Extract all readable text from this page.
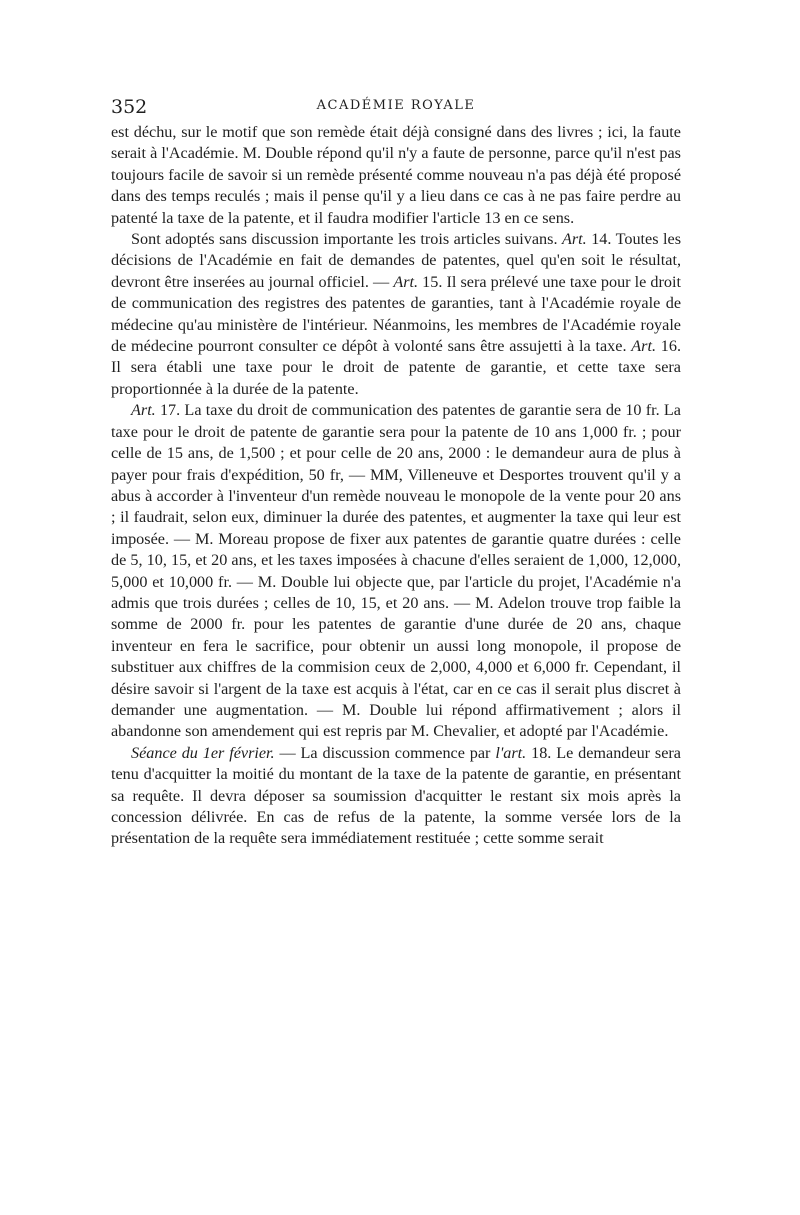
352	ACADÉMIE ROYALE

est déchu, sur le motif que son remède était déjà consigné dans des livres ; ici, la faute serait à l'Académie. M. Double répond qu'il n'y a faute de personne, parce qu'il n'est pas toujours facile de savoir si un remède présenté comme nouveau n'a pas déjà été proposé dans des temps reculés ; mais il pense qu'il y a lieu dans ce cas à ne pas faire perdre au patenté la taxe de la patente, et il faudra modifier l'article 13 en ce sens.

Sont adoptés sans discussion importante les trois articles suivans. Art. 14. Toutes les décisions de l'Académie en fait de demandes de patentes, quel qu'en soit le résultat, devront être inserées au journal officiel. — Art. 15. Il sera prélevé une taxe pour le droit de communication des registres des patentes de garanties, tant à l'Académie royale de médecine qu'au ministère de l'intérieur. Néanmoins, les membres de l'Académie royale de médecine pourront consulter ce dépôt à volonté sans être assujetti à la taxe. Art. 16. Il sera établi une taxe pour le droit de patente de garantie, et cette taxe sera proportionnée à la durée de la patente.

Art. 17. La taxe du droit de communication des patentes de garantie sera de 10 fr. La taxe pour le droit de patente de garantie sera pour la patente de 10 ans 1,000 fr. ; pour celle de 15 ans, de 1,500 ; et pour celle de 20 ans, 2000 : le demandeur aura de plus à payer pour frais d'expédition, 50 fr, — MM, Villeneuve et Desportes trouvent qu'il y a abus à accorder à l'inventeur d'un remède nouveau le monopole de la vente pour 20 ans ; il faudrait, selon eux, diminuer la durée des patentes, et augmenter la taxe qui leur est imposée. — M. Moreau propose de fixer aux patentes de garantie quatre durées : celle de 5, 10, 15, et 20 ans, et les taxes imposées à chacune d'elles seraient de 1,000, 12,000, 5,000 et 10,000 fr. — M. Double lui objecte que, par l'article du projet, l'Académie n'a admis que trois durées ; celles de 10, 15, et 20 ans. — M. Adelon trouve trop faible la somme de 2000 fr. pour les patentes de garantie d'une durée de 20 ans, chaque inventeur en fera le sacrifice, pour obtenir un aussi long monopole, il propose de substituer aux chiffres de la commision ceux de 2,000, 4,000 et 6,000 fr. Cependant, il désire savoir si l'argent de la taxe est acquis à l'état, car en ce cas il serait plus discret à demander une augmentation. — M. Double lui répond affirmativement ; alors il abandonne son amendement qui est repris par M. Chevalier, et adopté par l'Académie.

Séance du 1er février. — La discussion commence par l'art. 18. Le demandeur sera tenu d'acquitter la moitié du montant de la taxe de la patente de garantie, en présentant sa requête. Il devra déposer sa soumission d'acquitter le restant six mois après la concession délivrée. En cas de refus de la patente, la somme versée lors de la présentation de la requête sera immédiatement restituée ; cette somme serait
